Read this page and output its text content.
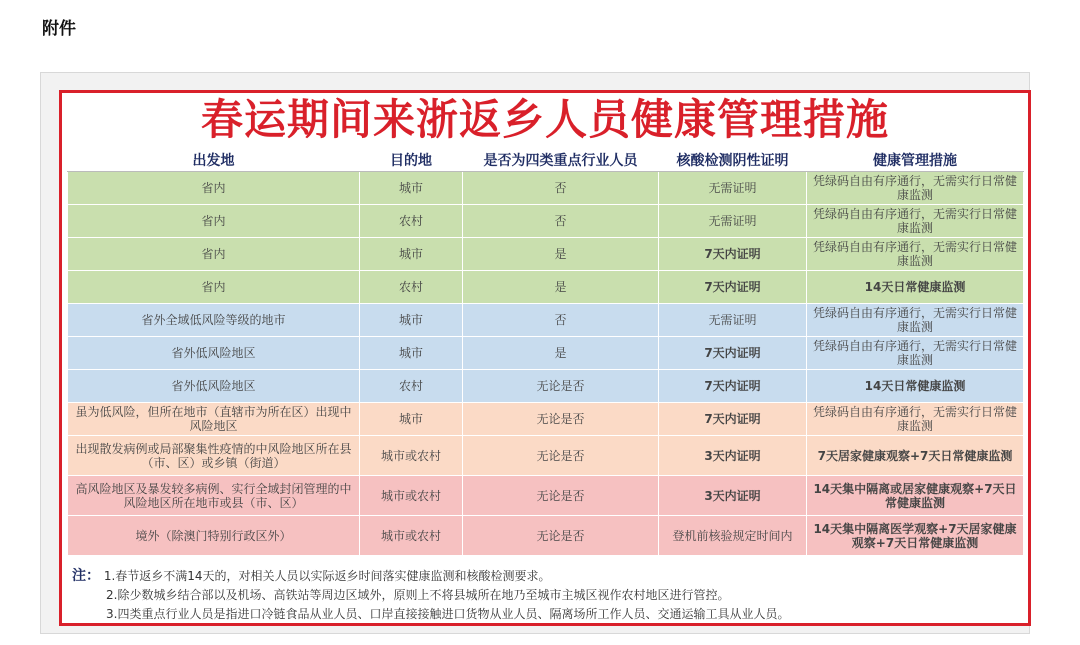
附件
春运期间来浙返乡人员健康管理措施
出发地	目的地	是否为四类重点行业人员	核酸检测阴性证明	健康管理措施
省内	城市	否	无需证明	凭绿码自由有序通行，无需实行日常健康监测
省内	农村	否	无需证明	凭绿码自由有序通行，无需实行日常健康监测
省内	城市	是	7天内证明	凭绿码自由有序通行，无需实行日常健康监测
省内	农村	是	7天内证明	14天日常健康监测
省外全域低风险等级的地市	城市	否	无需证明	凭绿码自由有序通行，无需实行日常健康监测
省外低风险地区	城市	是	7天内证明	凭绿码自由有序通行，无需实行日常健康监测
省外低风险地区	农村	无论是否	7天内证明	14天日常健康监测
虽为低风险，但所在地市（直辖市为所在区）出现中风险地区	城市	无论是否	7天内证明	凭绿码自由有序通行，无需实行日常健康监测
出现散发病例或局部聚集性疫情的中风险地区所在县（市、区）或乡镇（街道）	城市或农村	无论是否	3天内证明	7天居家健康观察+7天日常健康监测
高风险地区及暴发较多病例、实行全域封闭管理的中风险地区所在地市或县（市、区）	城市或农村	无论是否	3天内证明	14天集中隔离或居家健康观察+7天日常健康监测
境外（除澳门特别行政区外）	城市或农村	无论是否	登机前核验规定时间内	14天集中隔离医学观察+7天居家健康观察+7天日常健康监测
注： 1.春节返乡不满14天的，对相关人员以实际返乡时间落实健康监测和核酸检测要求。
2.除少数城乡结合部以及机场、高铁站等周边区域外，原则上不将县城所在地乃至城市主城区视作农村地区进行管控。
3.四类重点行业人员是指进口冷链食品从业人员、口岸直接接触进口货物从业人员、隔离场所工作人员、交通运输工具从业人员。
